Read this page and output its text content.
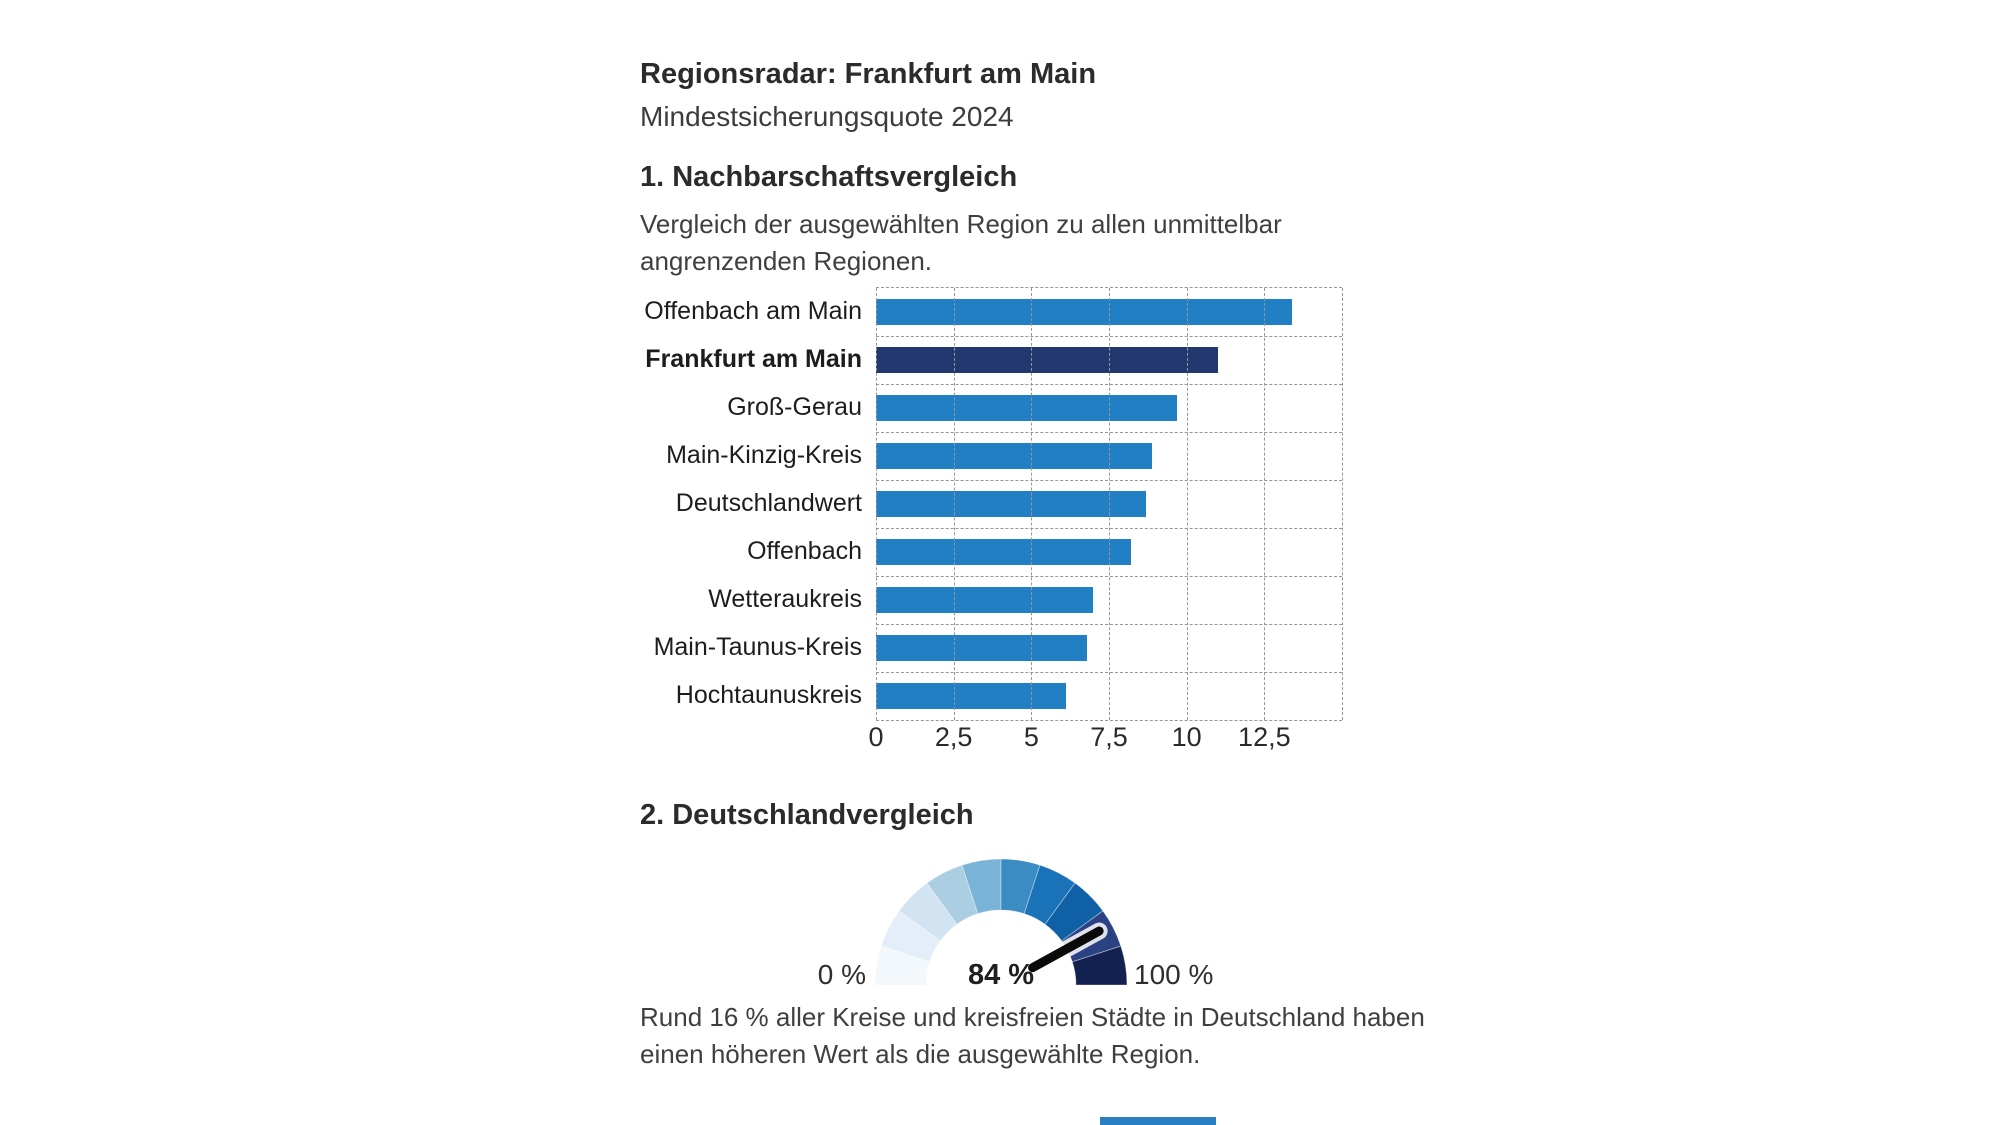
Regionsradar: Frankfurt am Main
Mindestsicherungsquote 2024
1. Nachbarschaftsvergleich
Vergleich der ausgewählten Region zu allen unmittelbar
angrenzenden Regionen.
Offenbach am Main
Frankfurt am Main
Groß-Gerau
Main-Kinzig-Kreis
Deutschlandwert
Offenbach
Wetteraukreis
Main-Taunus-Kreis
Hochtaunuskreis
0	2,5	5	7,5	10	12,5
2. Deutschlandvergleich
0 %	84 %	100 %
Rund 16 % aller Kreise und kreisfreien Städte in Deutschland haben
einen höheren Wert als die ausgewählte Region.
